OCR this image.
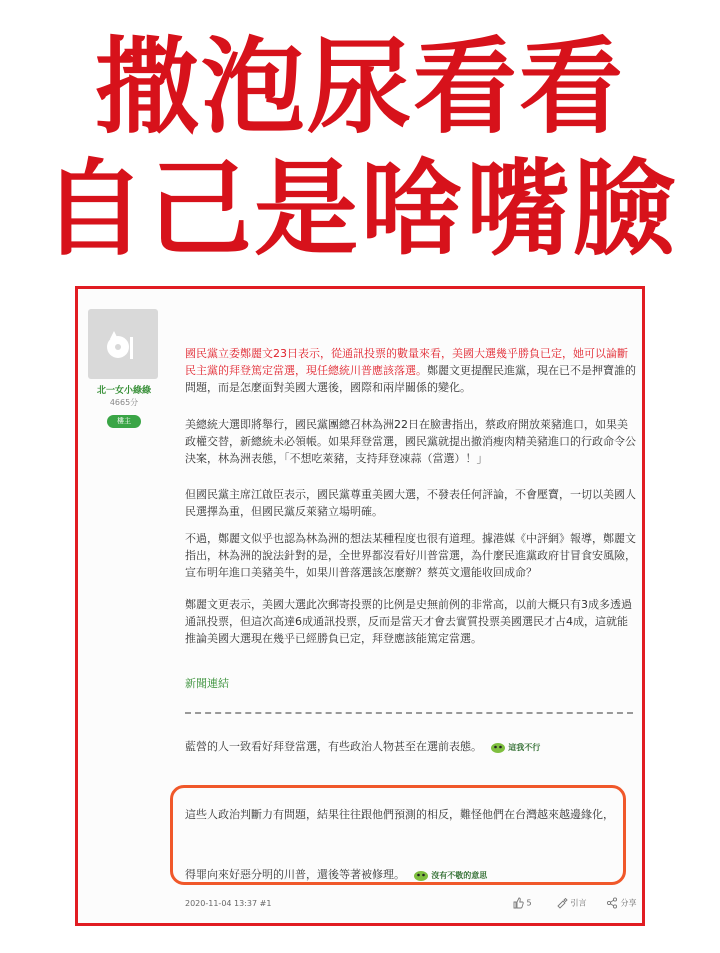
撒泡尿看看
自己是啥嘴臉
北一女小綠綠
4665分
樓主

國民黨立委鄭麗文23日表示，從通訊投票的數量來看，美國大選幾乎勝負已定，她可以論斷民主黨的拜登篤定當選，現任總統川普應該落選。鄭麗文更提醒民進黨，現在已不是押寶誰的問題，而是怎麼面對美國大選後，國際和兩岸關係的變化。

美總統大選即將舉行，國民黨團總召林為洲22日在臉書指出，蔡政府開放萊豬進口，如果美政權交替，新總統未必領帳。如果拜登當選，國民黨就提出撤消瘦肉精美豬進口的行政命令公決案，林為洲表態，「不想吃萊豬，支持拜登凍蒜（當選）！」

但國民黨主席江啟臣表示，國民黨尊重美國大選，不發表任何評論，不會壓寶，一切以美國人民選擇為重，但國民黨反萊豬立場明確。

不過，鄭麗文似乎也認為林為洲的想法某種程度也很有道理。據港媒《中評網》報導，鄭麗文指出，林為洲的說法針對的是，全世界都沒看好川普當選，為什麼民進黨政府甘冒食安風險，宣布明年進口美豬美牛，如果川普落選該怎麼辦？蔡英文還能收回成命？

鄭麗文更表示，美國大選此次郵寄投票的比例是史無前例的非常高，以前大概只有3成多透過通訊投票，但這次高達6成通訊投票，反而是當天才會去實質投票美國選民才占4成，這就能推論美國大選現在幾乎已經勝負已定，拜登應該能篤定當選。

新聞連結
藍營的人一致看好拜登當選，有些政治人物甚至在選前表態。	這我不行
這些人政治判斷力有問題，結果往往跟他們預測的相反，難怪他們在台灣越來越邊緣化，
得罪向來好惡分明的川普，還後等著被修理。	沒有不敬的意思
2020-11-04 13:37 #1	5	引言	分享
